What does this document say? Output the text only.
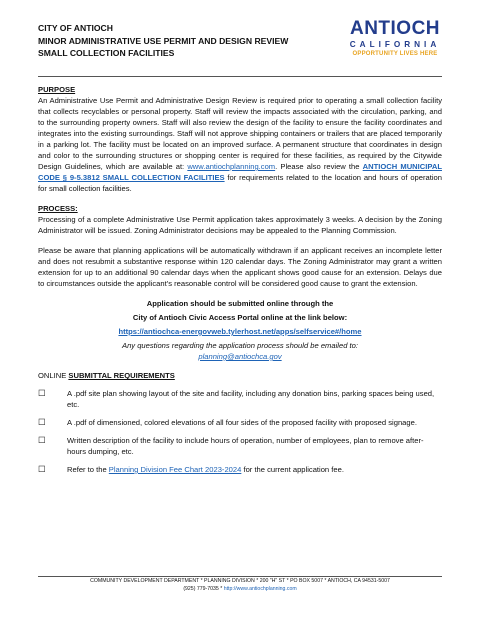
CITY OF ANTIOCH
MINOR ADMINISTRATIVE USE PERMIT AND DESIGN REVIEW
SMALL COLLECTION FACILITIES
ANTIOCH
CALIFORNIA
OPPORTUNITY LIVES HERE
PURPOSE
An Administrative Use Permit and Administrative Design Review is required prior to operating a small collection facility that collects recyclables or personal property. Staff will review the impacts associated with the circulation, parking, and to the surrounding property owners. Staff will also review the design of the facility to ensure the facility coordinates and integrates into the existing surroundings. Staff will not approve shipping containers or trailers that are placed temporarily in a parking lot. The facility must be located on an improved surface. A permanent structure that coordinates in design and color to the surrounding structures or shopping center is required for these facilities, as required by the Citywide Design Guidelines, which are available at: www.antiochplanning.com. Please also review the ANTIOCH MUNICIPAL CODE § 9-5.3812 SMALL COLLECTION FACILITIES for requirements related to the location and hours of operation for small collection facilities.
PROCESS:
Processing of a complete Administrative Use Permit application takes approximately 3 weeks. A decision by the Zoning Administrator will be issued. Zoning Administrator decisions may be appealed to the Planning Commission.
Please be aware that planning applications will be automatically withdrawn if an applicant receives an incomplete letter and does not resubmit a substantive response within 120 calendar days. The Zoning Administrator may grant a written extension for up to an additional 90 calendar days when the applicant shows good cause for an extension. Delays due to circumstances outside the applicant's reasonable control will be considered good cause to grant the extension.
Application should be submitted online through the
City of Antioch Civic Access Portal online at the link below:
https://antiochca-energovweb.tylerhost.net/apps/selfservice#/home
Any questions regarding the application process should be emailed to:
planning@antiochca.gov
ONLINE SUBMITTAL REQUIREMENTS
☐	A .pdf site plan showing layout of the site and facility, including any donation bins, parking spaces being used, etc.
☐	A .pdf of dimensioned, colored elevations of all four sides of the proposed facility with proposed signage.
☐	Written description of the facility to include hours of operation, number of employees, plan to remove after-hours dumping, etc.
☐	Refer to the Planning Division Fee Chart 2023-2024 for the current application fee.
COMMUNITY DEVELOPMENT DEPARTMENT * PLANNING DIVISION * 200 "H" ST * PO BOX 5007 * ANTIOCH, CA 94531-5007
(925) 779-7035 * http://www.antiochplanning.com
